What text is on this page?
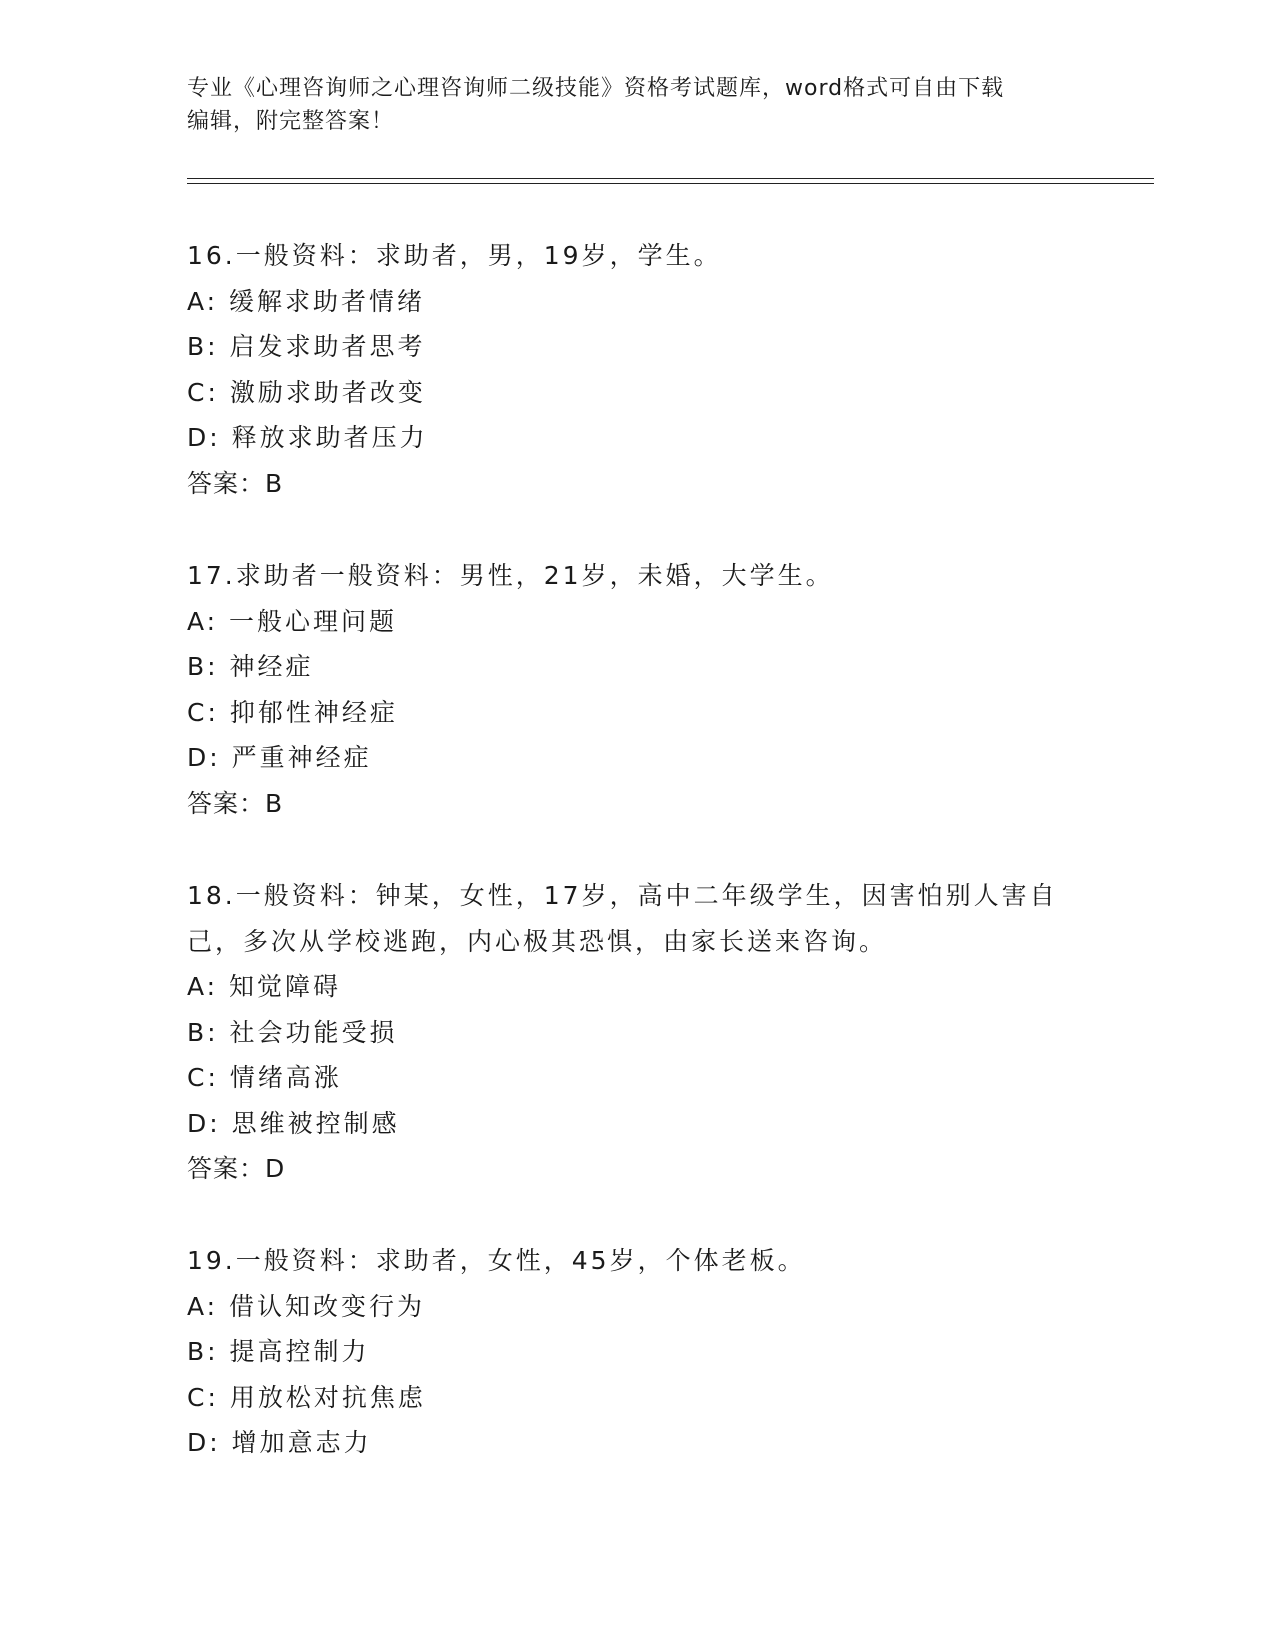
专业《心理咨询师之心理咨询师二级技能》资格考试题库，word格式可自由下载
编辑，附完整答案！
16.一般资料：求助者，男，19岁，学生。
A: 缓解求助者情绪
B: 启发求助者思考
C: 激励求助者改变
D: 释放求助者压力
答案：B
17.求助者一般资料：男性，21岁，未婚，大学生。
A: 一般心理问题
B: 神经症
C: 抑郁性神经症
D: 严重神经症
答案：B
18.一般资料：钟某，女性，17岁，高中二年级学生，因害怕别人害自己，多次从学校逃跑，内心极其恐惧，由家长送来咨询。
A: 知觉障碍
B: 社会功能受损
C: 情绪高涨
D: 思维被控制感
答案：D
19.一般资料：求助者，女性，45岁，个体老板。
A: 借认知改变行为
B: 提高控制力
C: 用放松对抗焦虑
D: 增加意志力
